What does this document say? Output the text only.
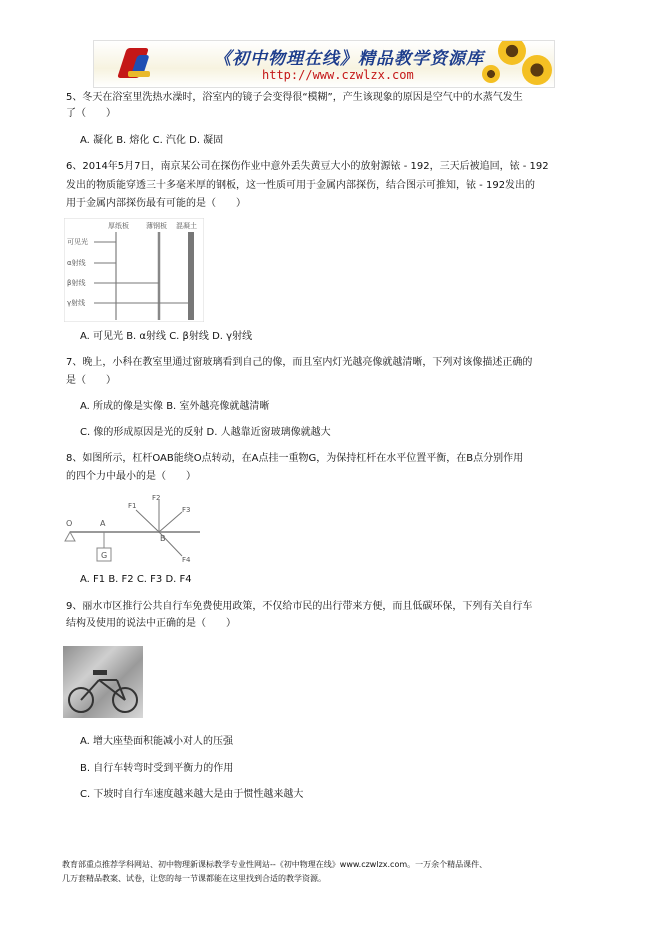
《初中物理在线》精品教学资源库
http://www.czwlzx.com
5、冬天在浴室里洗热水澡时，浴室内的镜子会变得很“模糊”，产生该现象的原因是空气中的水蒸气发生
了（　　）
A. 凝化 B. 熔化 C. 汽化 D. 凝固
6、2014年5月7日，南京某公司在探伤作业中意外丢失黄豆大小的放射源铱 - 192，三天后被追回，铱 - 192
发出的物质能穿透三十多毫米厚的钢板，这一性质可用于金属内部探伤，结合图示可推知，铱 - 192发出的
用于金属内部探伤最有可能的是（　　）
厚纸板 薄钢板 混凝土
可见光
α射线
β射线
γ射线
A. 可见光 B. α射线 C. β射线 D. γ射线
7、晚上，小科在教室里通过窗玻璃看到自己的像，而且室内灯光越亮像就越清晰，下列对该像描述正确的
是（　　）
A. 所成的像是实像 B. 室外越亮像就越清晰
C. 像的形成原因是光的反射 D. 人越靠近窗玻璃像就越大
8、如图所示，杠杆OAB能绕O点转动，在A点挂一重物G，为保持杠杆在水平位置平衡，在B点分别作用
的四个力中最小的是（　　）
O	A
B
G
F1
F2
F3
F4
A. F1 B. F2 C. F3 D. F4
9、丽水市区推行公共自行车免费使用政策，不仅给市民的出行带来方便，而且低碳环保，下列有关自行车
结构及使用的说法中正确的是（　　）
A. 增大座垫面积能减小对人的压强
B. 自行车转弯时受到平衡力的作用
C. 下坡时自行车速度越来越大是由于惯性越来越大
教育部重点推荐学科网站、初中物理新课标教学专业性网站--《初中物理在线》www.czwlzx.com。一万余个精品课件、
几万套精品教案、试卷，让您的每一节课都能在这里找到合适的教学资源。
